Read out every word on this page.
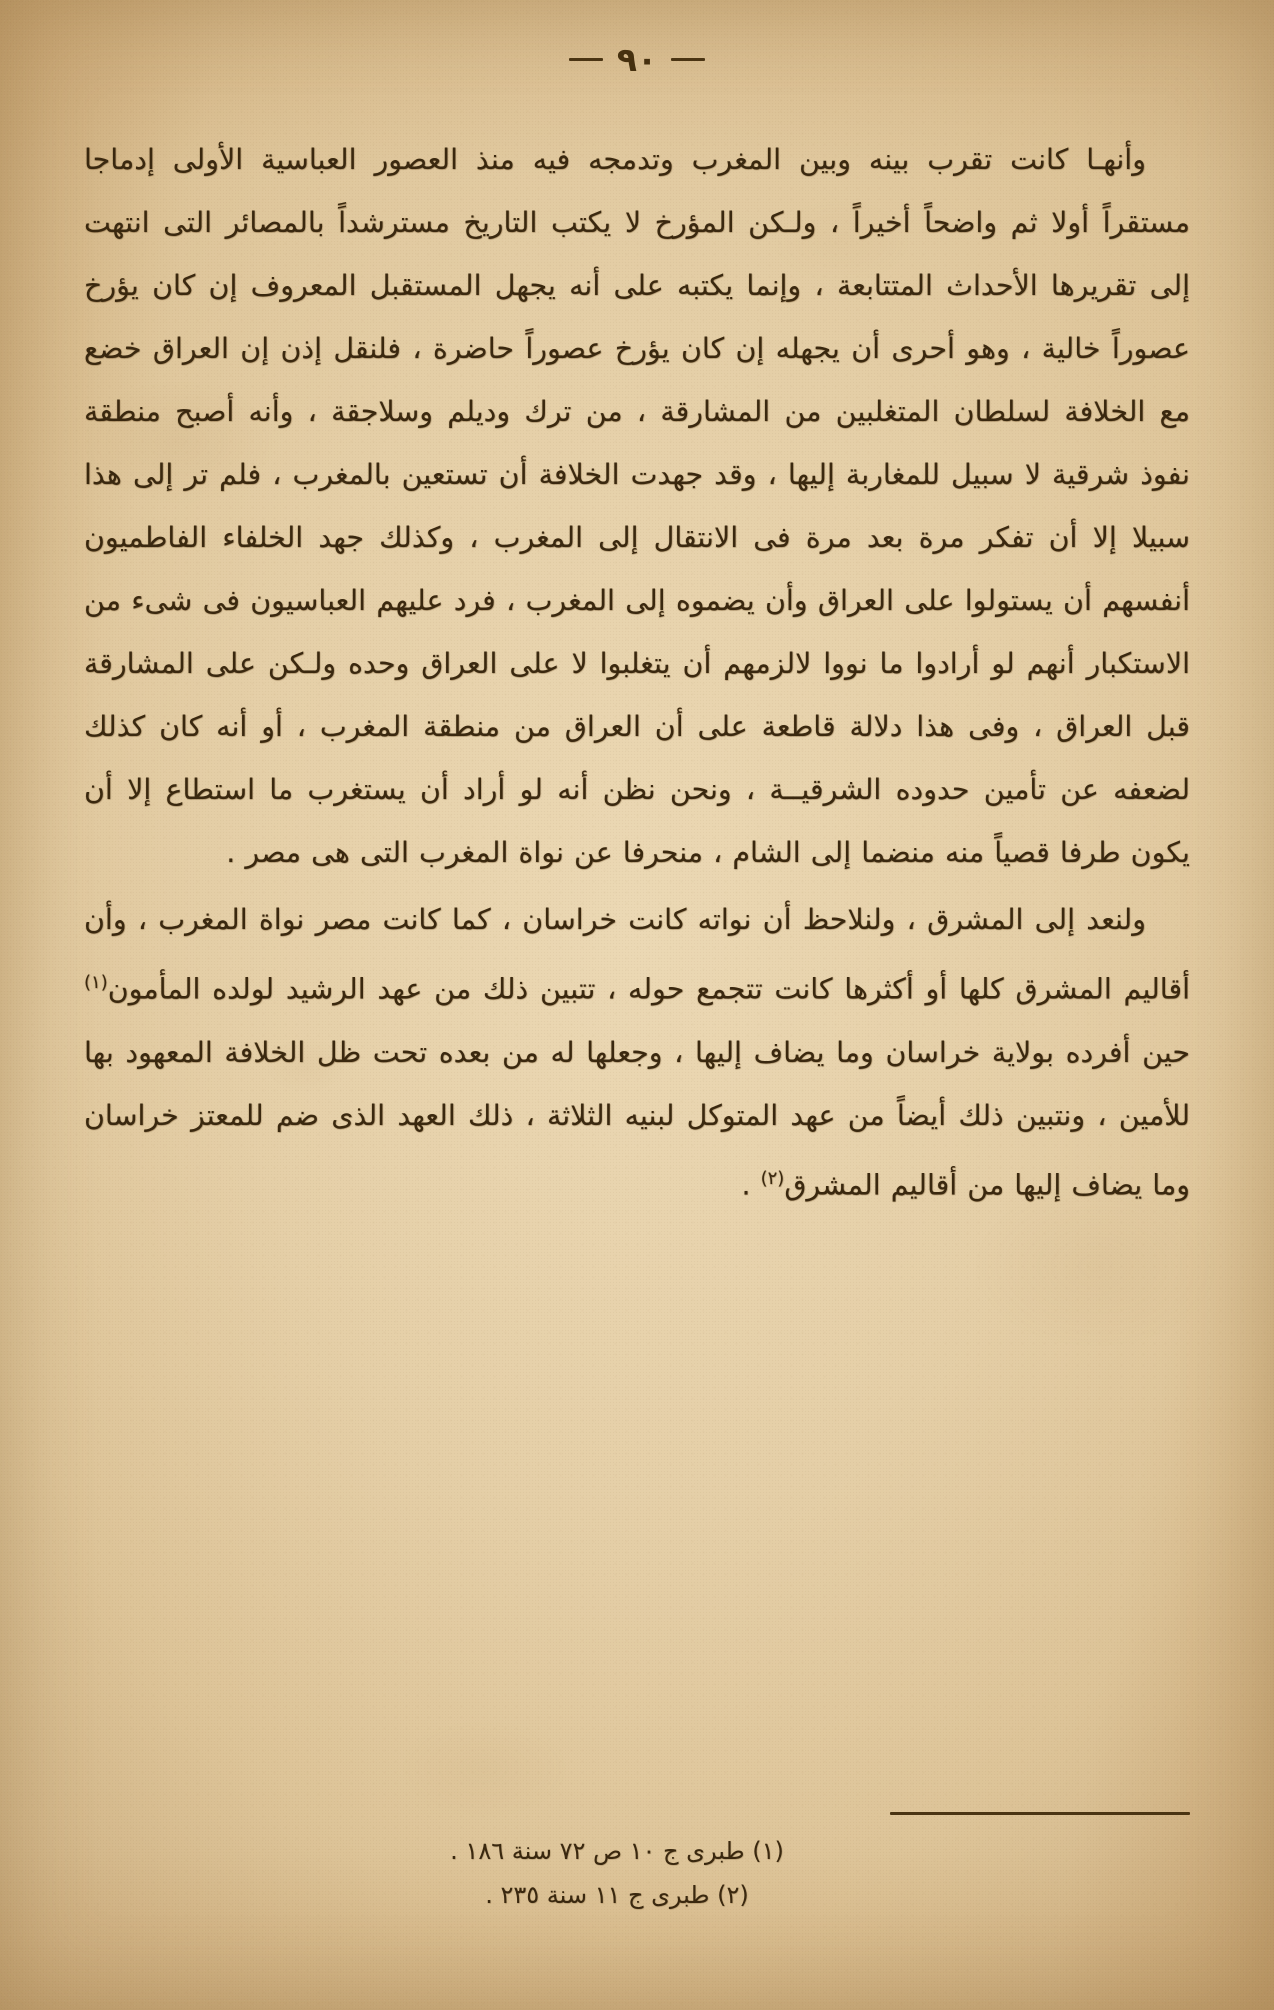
٩٠

وأنهـا كانت تقرب بينه وبين المغرب وتدمجه فيه منذ العصور العباسية الأولى إدماجا مستقراً أولا ثم واضحاً أخيراً ، ولـكن المؤرخ لا يكتب التاريخ مسترشداً بالمصائر التى انتهت إلى تقريرها الأحداث المتتابعة ، وإنما يكتبه على أنه يجهل المستقبل المعروف إن كان يؤرخ عصوراً خالية ، وهو أحرى أن يجهله إن كان يؤرخ عصوراً حاضرة ، فلنقل إذن إن العراق خضع مع الخلافة لسلطان المتغلبين من المشارقة ، من ترك وديلم وسلاجقة ، وأنه أصبح منطقة نفوذ شرقية لا سبيل للمغاربة إليها ، وقد جهدت الخلافة أن تستعين بالمغرب ، فلم تر إلى هذا سبيلا إلا أن تفكر مرة بعد مرة فى الانتقال إلى المغرب ، وكذلك جهد الخلفاء الفاطميون أنفسهم أن يستولوا على العراق وأن يضموه إلى المغرب ، فرد عليهم العباسيون فى شىء من الاستكبار أنهم لو أرادوا ما نووا لالزمهم أن يتغلبوا لا على العراق وحده ولـكن على المشارقة قبل العراق ، وفى هذا دلالة قاطعة على أن العراق من منطقة المغرب ، أو أنه كان كذلك لضعفه عن تأمين حدوده الشرقيــة ، ونحن نظن أنه لو أراد أن يستغرب ما استطاع إلا أن يكون طرفا قصياً منه منضما إلى الشام ، منحرفا عن نواة المغرب التى هى مصر .

ولنعد إلى المشرق ، ولنلاحظ أن نواته كانت خراسان ، كما كانت مصر نواة المغرب ، وأن أقاليم المشرق كلها أو أكثرها كانت تتجمع حوله ، تتبين ذلك من عهد الرشيد لولده المأمون$^{(١)}$ حين أفرده بولاية خراسان وما يضاف إليها ، وجعلها له من بعده تحت ظل الخلافة المعهود بها للأمين ، ونتبين ذلك أيضاً من عهد المتوكل لبنيه الثلاثة ، ذلك العهد الذى ضم للمعتز خراسان وما يضاف إليها من أقاليم المشرق$^{(٢)}$ .

(١) طبرى ج ١٠ ص ٧٢ سنة ١٨٦ .
(٢) طبرى ج ١١ سنة ٢٣٥ .
